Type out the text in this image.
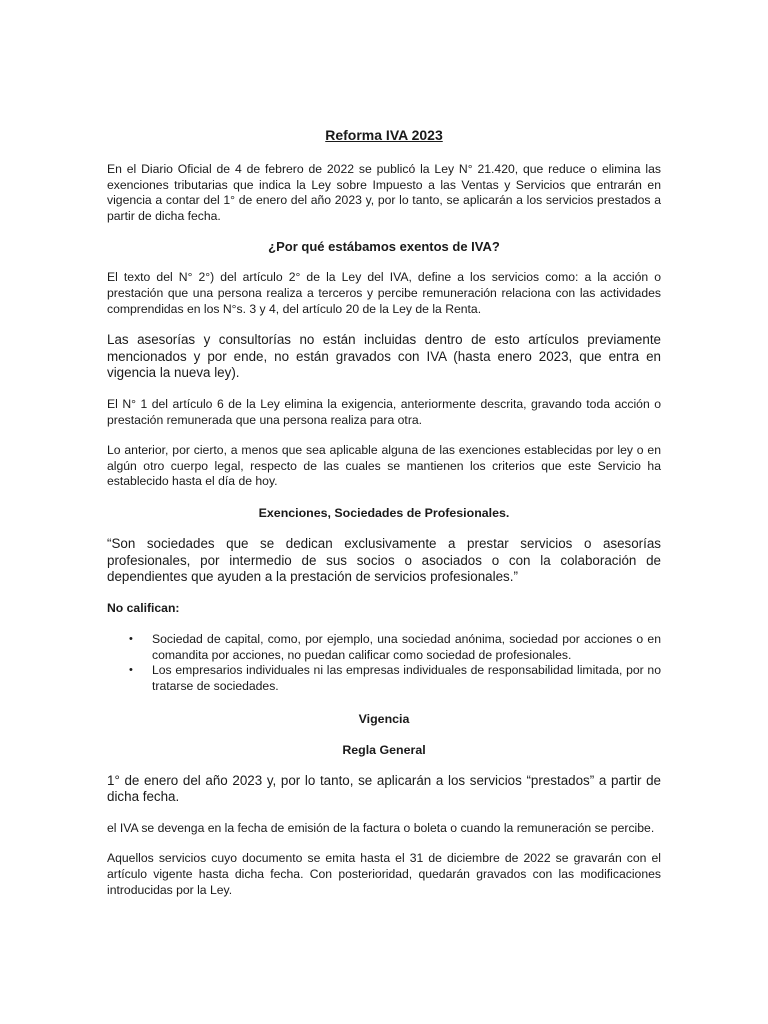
Reforma IVA 2023

En el Diario Oficial de 4 de febrero de 2022 se publicó la Ley N° 21.420, que reduce o elimina las exenciones tributarias que indica la Ley sobre Impuesto a las Ventas y Servicios que entrarán en vigencia a contar del 1° de enero del año 2023 y, por lo tanto, se aplicarán a los servicios prestados a partir de dicha fecha.

¿Por qué estábamos exentos de IVA?

El texto del N° 2°) del artículo 2° de la Ley del IVA, define a los servicios como: a la acción o prestación que una persona realiza a terceros y percibe remuneración relaciona con las actividades comprendidas en los N°s. 3 y 4, del artículo 20 de la Ley de la Renta.

Las asesorías y consultorías no están incluidas dentro de esto artículos previamente mencionados y por ende, no están gravados con IVA (hasta enero 2023, que entra en vigencia la nueva ley).

El N° 1 del artículo 6 de la Ley elimina la exigencia, anteriormente descrita, gravando toda acción o prestación remunerada que una persona realiza para otra.

Lo anterior, por cierto, a menos que sea aplicable alguna de las exenciones establecidas por ley o en algún otro cuerpo legal, respecto de las cuales se mantienen los criterios que este Servicio ha establecido hasta el día de hoy.

Exenciones, Sociedades de Profesionales.

“Son sociedades que se dedican exclusivamente a prestar servicios o asesorías profesionales, por intermedio de sus socios o asociados o con la colaboración de dependientes que ayuden a la prestación de servicios profesionales.”

No califican:

• Sociedad de capital, como, por ejemplo, una sociedad anónima, sociedad por acciones o en comandita por acciones, no puedan calificar como sociedad de profesionales.
• Los empresarios individuales ni las empresas individuales de responsabilidad limitada, por no tratarse de sociedades.
Vigencia
Regla General

1° de enero del año 2023 y, por lo tanto, se aplicarán a los servicios “prestados” a partir de dicha fecha.

el IVA se devenga en la fecha de emisión de la factura o boleta o cuando la remuneración se percibe.

Aquellos servicios cuyo documento se emita hasta el 31 de diciembre de 2022 se gravarán con el artículo vigente hasta dicha fecha. Con posterioridad, quedarán gravados con las modificaciones introducidas por la Ley.
